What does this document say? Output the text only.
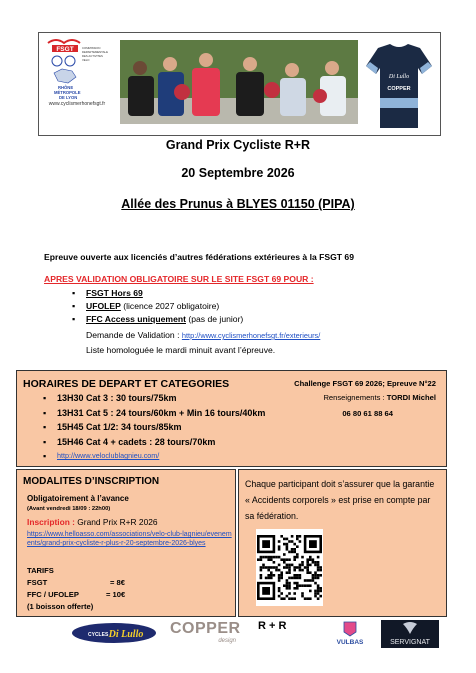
FSGT
RHÔNE
MÉTROPOLE
DE LYON
COMMISSION
DEPARTEMENTALE
DES ACTIVITES
VELO
www.cyclismerhonefsgt.fr
Di Lullo
COPPER
Grand Prix Cycliste R+R
20 Septembre 2026
Allée des Prunus à BLYES 01150 (PIPA)
Epreuve ouverte aux licenciés d’autres fédérations extérieures à la FSGT 69
APRES VALIDATION OBLIGATOIRE SUR LE SITE FSGT 69 POUR :
▪ FSGT Hors 69
▪ UFOLEP (licence 2027 obligatoire)
▪ FFC Access uniquement (pas de junior)
Demande de Validation : http://www.cyclismerhonefsgt.fr/exterieurs/
Liste homologuée le mardi minuit avant l’épreuve.
HORAIRES DE DEPART ET CATEGORIES	Challenge FSGT 69 2026; Epreuve N°22
Renseignements : TORDI Michel
06 80 61 88 64
▪ 13H30 Cat 3 : 30 tours/75km
▪ 13H31 Cat 5 : 24 tours/60km + Min 16 tours/40km
▪ 15H45 Cat 1/2: 34 tours/85km
▪ 15H46 Cat 4 + cadets : 28 tours/70km
▪ http://www.veloclublagnieu.com/
MODALITES D’INSCRIPTION
Obligatoirement à l’avance
(Avant vendredi 18/09 : 22h00)
Inscription : Grand Prix R+R 2026
https://www.helloasso.com/associations/velo-club-lagnieu/evenements/grand-prix-cycliste-r-plus-r-20-septembre-2026-blyes
TARIFS
FSGT	= 8€
FFC / UFOLEP	= 10€
(1 boisson offerte)
Chaque participant doit s’assurer que la garantie « Accidents corporels » est prise en compte par sa fédération.
CYCLES Di Lullo COPPER
design
R + R
VULBAS	SERVIGNAT
